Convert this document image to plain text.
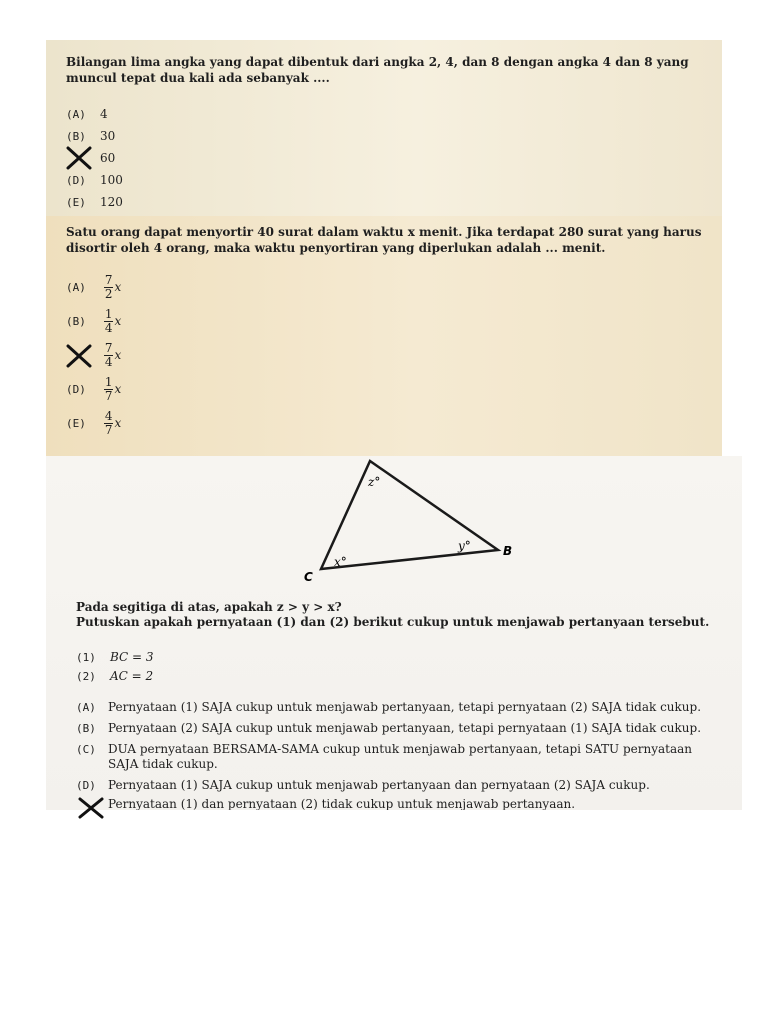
Bilangan lima angka yang dapat dibentuk dari angka 2, 4, dan 8 dengan angka 4 dan 8 yang muncul tepat dua kali ada sebanyak ....
(A) 4
(B) 30
60
(D) 100
(E) 120
Satu orang dapat menyortir 40 surat dalam waktu x menit. Jika terdapat 280 surat yang harus disortir oleh 4 orang, maka waktu penyortiran yang diperlukan adalah ... menit.
$(A) \frac{7}{2}$ x
$(B) \frac{1}{4}$ x

$\frac{7}{4}$ x
$(D) \frac{1}{7}$ x
$(E) \frac{4}{7}$ x
z°
y°
x°
B
C
Pada segitiga di atas, apakah z > y > x?
Putuskan apakah pernyataan (1) dan (2) berikut cukup untuk menjawab pertanyaan tersebut.
(1) BC = 3
(2) AC = 2
(A) Pernyataan (1) SAJA cukup untuk menjawab pertanyaan, tetapi pernyataan (2) SAJA tidak cukup.
(B) Pernyataan (2) SAJA cukup untuk menjawab pertanyaan, tetapi pernyataan (1) SAJA tidak cukup.
(C)	DUA pernyataan BERSAMA-SAMA cukup untuk menjawab pertanyaan, tetapi SATU pernyataan SAJA tidak cukup.
(D) Pernyataan (1) SAJA cukup untuk menjawab pertanyaan dan pernyataan (2) SAJA cukup.
Pernyataan (1) dan pernyataan (2) tidak cukup untuk menjawab pertanyaan.
